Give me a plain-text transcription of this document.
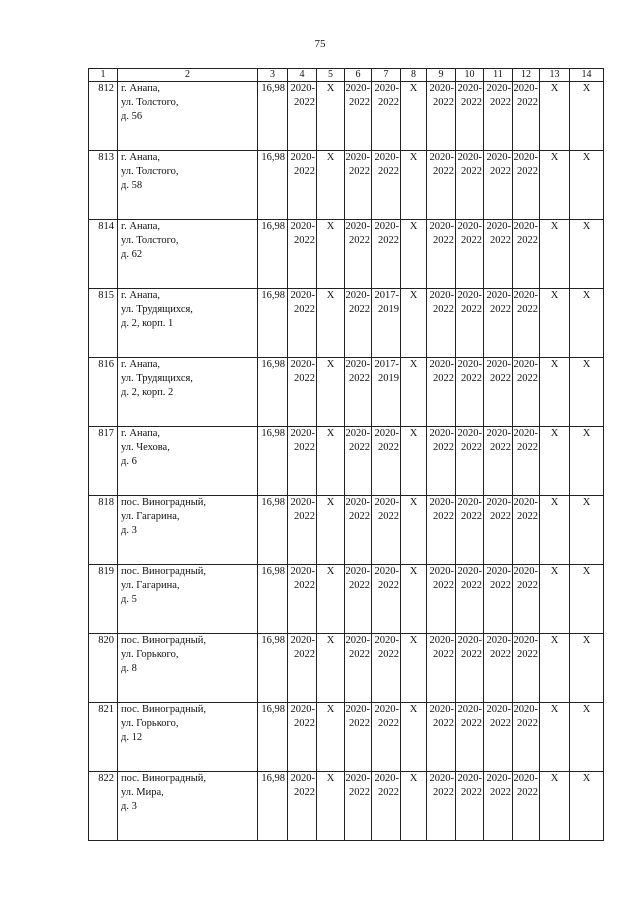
75
1	2	3	4	5	6	7	8	9	10	11	12	13	14
812	г. Анапа,
ул. Толстого,
д. 56	16,98	2020-
2022	X	2020-
2022	2020-
2022	X	2020-
2022	2020-
2022	2020-
2022	2020-
2022	X	X
813	г. Анапа,
ул. Толстого,
д. 58	16,98	2020-
2022	X	2020-
2022	2020-
2022	X	2020-
2022	2020-
2022	2020-
2022	2020-
2022	X	X
814	г. Анапа,
ул. Толстого,
д. 62	16,98	2020-
2022	X	2020-
2022	2020-
2022	X	2020-
2022	2020-
2022	2020-
2022	2020-
2022	X	X
815	г. Анапа,
ул. Трудящихся,
д. 2, корп. 1	16,98	2020-
2022	X	2020-
2022	2017-
2019	X	2020-
2022	2020-
2022	2020-
2022	2020-
2022	X	X
816	г. Анапа,
ул. Трудящихся,
д. 2, корп. 2	16,98	2020-
2022	X	2020-
2022	2017-
2019	X	2020-
2022	2020-
2022	2020-
2022	2020-
2022	X	X
817	г. Анапа,
ул. Чехова,
д. 6	16,98	2020-
2022	X	2020-
2022	2020-
2022	X	2020-
2022	2020-
2022	2020-
2022	2020-
2022	X	X
818	пос. Виноградный,
ул. Гагарина,
д. 3	16,98	2020-
2022	X	2020-
2022	2020-
2022	X	2020-
2022	2020-
2022	2020-
2022	2020-
2022	X	X
819	пос. Виноградный,
ул. Гагарина,
д. 5	16,98	2020-
2022	X	2020-
2022	2020-
2022	X	2020-
2022	2020-
2022	2020-
2022	2020-
2022	X	X
820	пос. Виноградный,
ул. Горького,
д. 8	16,98	2020-
2022	X	2020-
2022	2020-
2022	X	2020-
2022	2020-
2022	2020-
2022	2020-
2022	X	X
821	пос. Виноградный,
ул. Горького,
д. 12	16,98	2020-
2022	X	2020-
2022	2020-
2022	X	2020-
2022	2020-
2022	2020-
2022	2020-
2022	X	X
822	пос. Виноградный,
ул. Мира,
д. 3	16,98	2020-
2022	X	2020-
2022	2020-
2022	X	2020-
2022	2020-
2022	2020-
2022	2020-
2022	X	X
